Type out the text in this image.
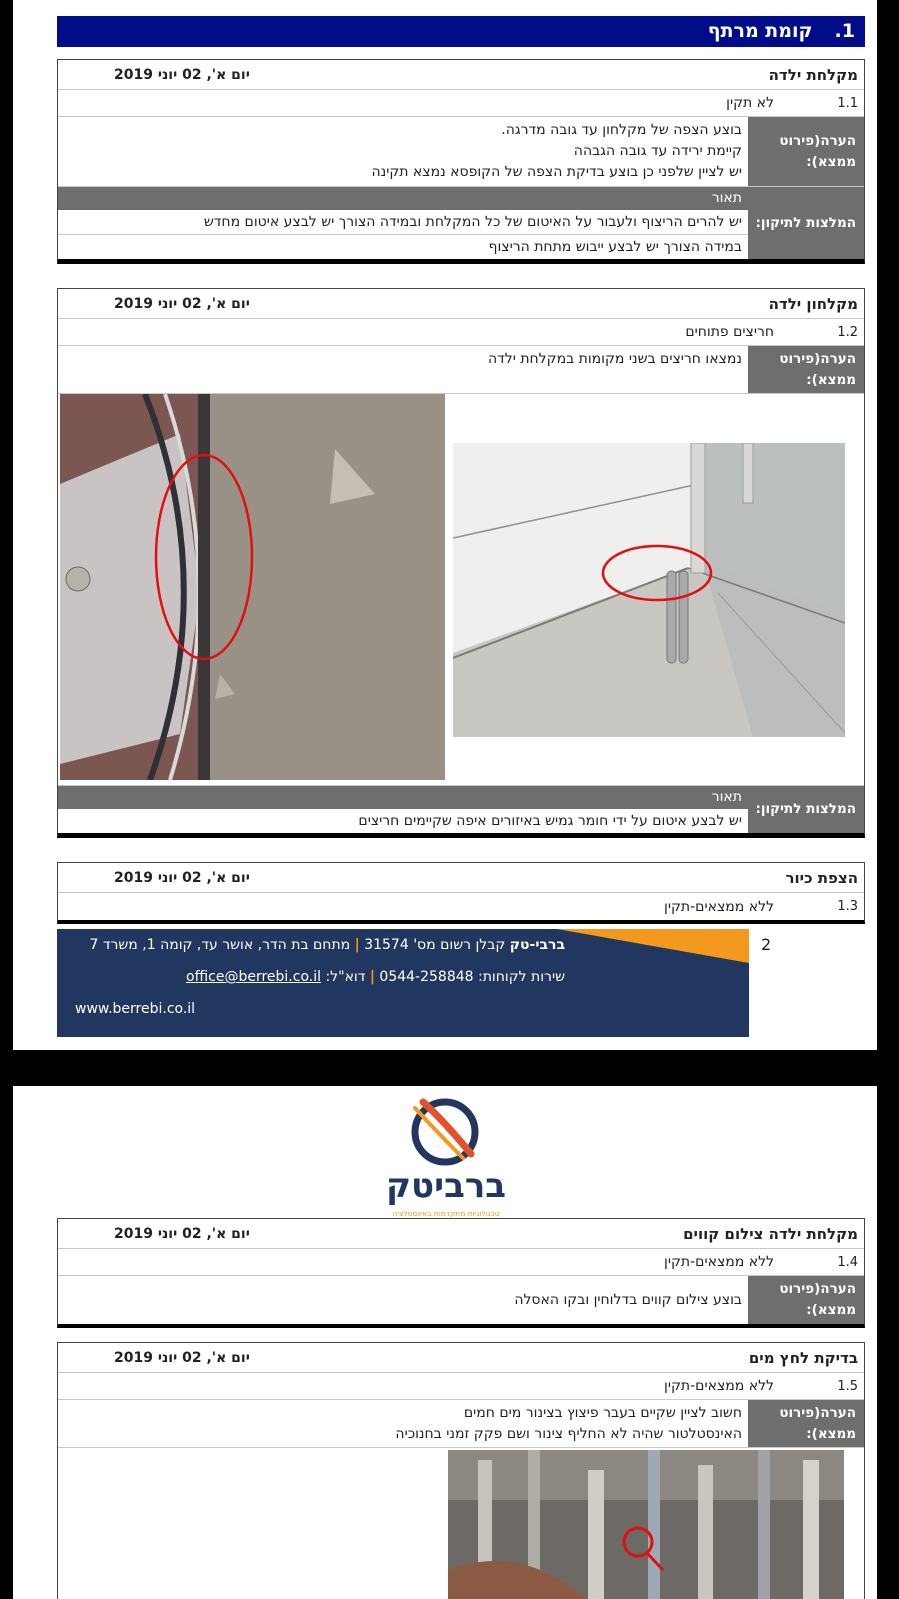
1.קומת מרתף
מקלחת ילדה
יום א', 02 יוני 2019
1.1
לא תקין
הערה(פירוט ממצא):
בוצע הצפה של מקלחון עד גובה מדרגה.
קיימת ירידה עד גובה הגבהה
יש לציין שלפני כן בוצע בדיקת הצפה של הקופסא נמצא תקינה
המלצות לתיקון:
תאור
יש להרים הריצוף ולעבור על האיטום של כל המקלחת ובמידה הצורך יש לבצע איטום מחדש
במידה הצורך יש לבצע ייבוש מתחת הריצוף
מקלחון ילדה
יום א', 02 יוני 2019
1.2
חריצים פתוחים
הערה(פירוט ממצא):
נמצאו חריצים בשני מקומות במקלחת ילדה
המלצות לתיקון:
תאור
יש לבצע איטום על ידי חומר גמיש באיזורים איפה שקיימים חריצים
הצפת כיור
יום א', 02 יוני 2019
1.3
ללא ממצאים-תקין
ברבי-טק קבלן רשום מס' 31574 | מתחם בת הדר, אושר עד, קומה 1, משרד 7
שירות לקוחות: 0544-258848 | דוא"ל: office@berrebi.co.il
www.berrebi.co.il
2
ברביטק
טכנולוגיות מתקדמות באינסטלציה
מקלחת ילדה צילום קווים
יום א', 02 יוני 2019
1.4
ללא ממצאים-תקין
הערה(פירוט ממצא):
בוצע צילום קווים בדלוחין ובקו האסלה
בדיקת לחץ מים
יום א', 02 יוני 2019
1.5
ללא ממצאים-תקין
הערה(פירוט ממצא):
חשוב לציין שקיים בעבר פיצוץ בצינור מים חמים
האינסטלטור שהיה לא החליף צינור ושם פקק זמני בחנוכיה
